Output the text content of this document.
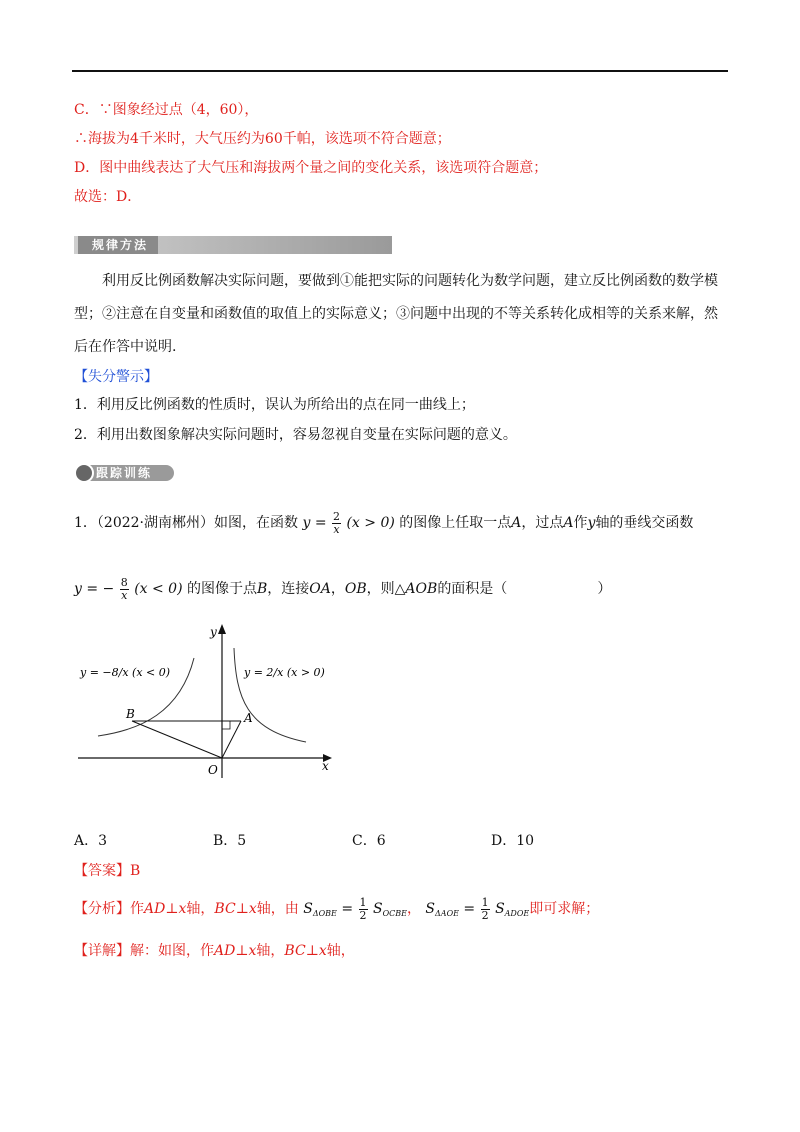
C．∵图象经过点（4，60），
∴海拔为4千米时，大气压约为60千帕，该选项不符合题意；
D．图中曲线表达了大气压和海拔两个量之间的变化关系，该选项符合题意；
故选：D．
规律方法
利用反比例函数解决实际问题，要做到①能把实际的问题转化为数学问题，建立反比例函数的数学模型；②注意在自变量和函数值的取值上的实际意义；③问题中出现的不等关系转化成相等的关系来解，然后在作答中说明.
【失分警示】
1．利用反比例函数的性质时，误认为所给出的点在同一曲线上；
2．利用出数图象解决实际问题时，容易忽视自变量在实际问题的意义。
跟踪训练
1．（2022·湖南郴州）如图，在函数 $y = \frac{2}{x} (x > 0)$ 的图像上任取一点A，过点A作y轴的垂线交函数
y = − $\frac{8}{x} (x < 0)$ 的图像于点B，连接OA，OB，则△AOB的面积是（	）
y = −8/x (x < 0)	y = 2/x (x > 0)
B	A
O	x
y
A．3	B．5	C．6	D．10
【答案】B
【分析】作AD⊥x轴，BC⊥x轴，由 $S_{\Delta OBE} = \frac{1}{2} S_{OCBE}$， $S_{\Delta AOE} = \frac{1}{2} S_{ADOE}$即可求解；
【详解】解：如图，作AD⊥x轴，BC⊥x轴，
